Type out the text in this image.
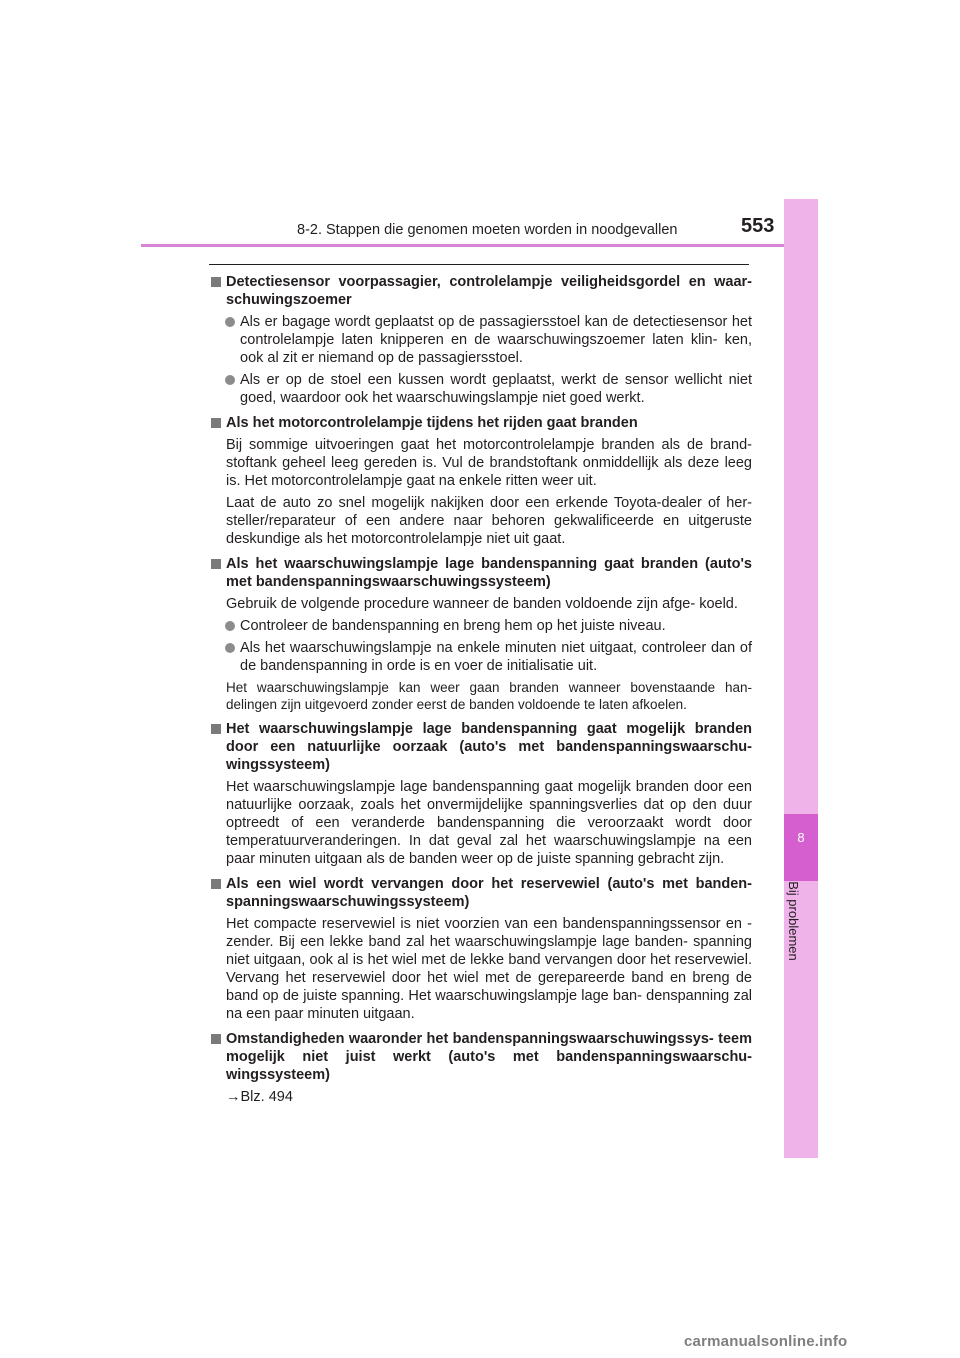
8-2. Stappen die genomen moeten worden in noodgevallen	553
8
Bij problemen
Detectiesensor voorpassagier, controlelampje veiligheidsgordel en waar- schuwingszoemer
Als er bagage wordt geplaatst op de passagiersstoel kan de detectiesensor het controlelampje laten knipperen en de waarschuwingszoemer laten klin- ken, ook al zit er niemand op de passagiersstoel.
Als er op de stoel een kussen wordt geplaatst, werkt de sensor wellicht niet goed, waardoor ook het waarschuwingslampje niet goed werkt.
Als het motorcontrolelampje tijdens het rijden gaat branden
Bij sommige uitvoeringen gaat het motorcontrolelampje branden als de brand- stoftank geheel leeg gereden is. Vul de brandstoftank onmiddellijk als deze leeg is. Het motorcontrolelampje gaat na enkele ritten weer uit.
Laat de auto zo snel mogelijk nakijken door een erkende Toyota-dealer of her- steller/reparateur of een andere naar behoren gekwalificeerde en uitgeruste deskundige als het motorcontrolelampje niet uit gaat.
Als het waarschuwingslampje lage bandenspanning gaat branden (auto's met bandenspanningswaarschuwingssysteem)
Gebruik de volgende procedure wanneer de banden voldoende zijn afge- koeld.
Controleer de bandenspanning en breng hem op het juiste niveau.
Als het waarschuwingslampje na enkele minuten niet uitgaat, controleer dan of de bandenspanning in orde is en voer de initialisatie uit.
Het waarschuwingslampje kan weer gaan branden wanneer bovenstaande han- delingen zijn uitgevoerd zonder eerst de banden voldoende te laten afkoelen.
Het waarschuwingslampje lage bandenspanning gaat mogelijk branden door een natuurlijke oorzaak (auto's met bandenspanningswaarschu- wingssysteem)
Het waarschuwingslampje lage bandenspanning gaat mogelijk branden door een natuurlijke oorzaak, zoals het onvermijdelijke spanningsverlies dat op den duur optreedt of een veranderde bandenspanning die veroorzaakt wordt door temperatuurveranderingen. In dat geval zal het waarschuwingslampje na een paar minuten uitgaan als de banden weer op de juiste spanning gebracht zijn.
Als een wiel wordt vervangen door het reservewiel (auto's met banden- spanningswaarschuwingssysteem)
Het compacte reservewiel is niet voorzien van een bandenspanningssensor en -zender. Bij een lekke band zal het waarschuwingslampje lage banden- spanning niet uitgaan, ook al is het wiel met de lekke band vervangen door het reservewiel. Vervang het reservewiel door het wiel met de gerepareerde band en breng de band op de juiste spanning. Het waarschuwingslampje lage ban- denspanning zal na een paar minuten uitgaan.
Omstandigheden waaronder het bandenspanningswaarschuwingssys- teem mogelijk niet juist werkt (auto's met bandenspanningswaarschu- wingssysteem)
→Blz. 494
carmanualsonline.info
